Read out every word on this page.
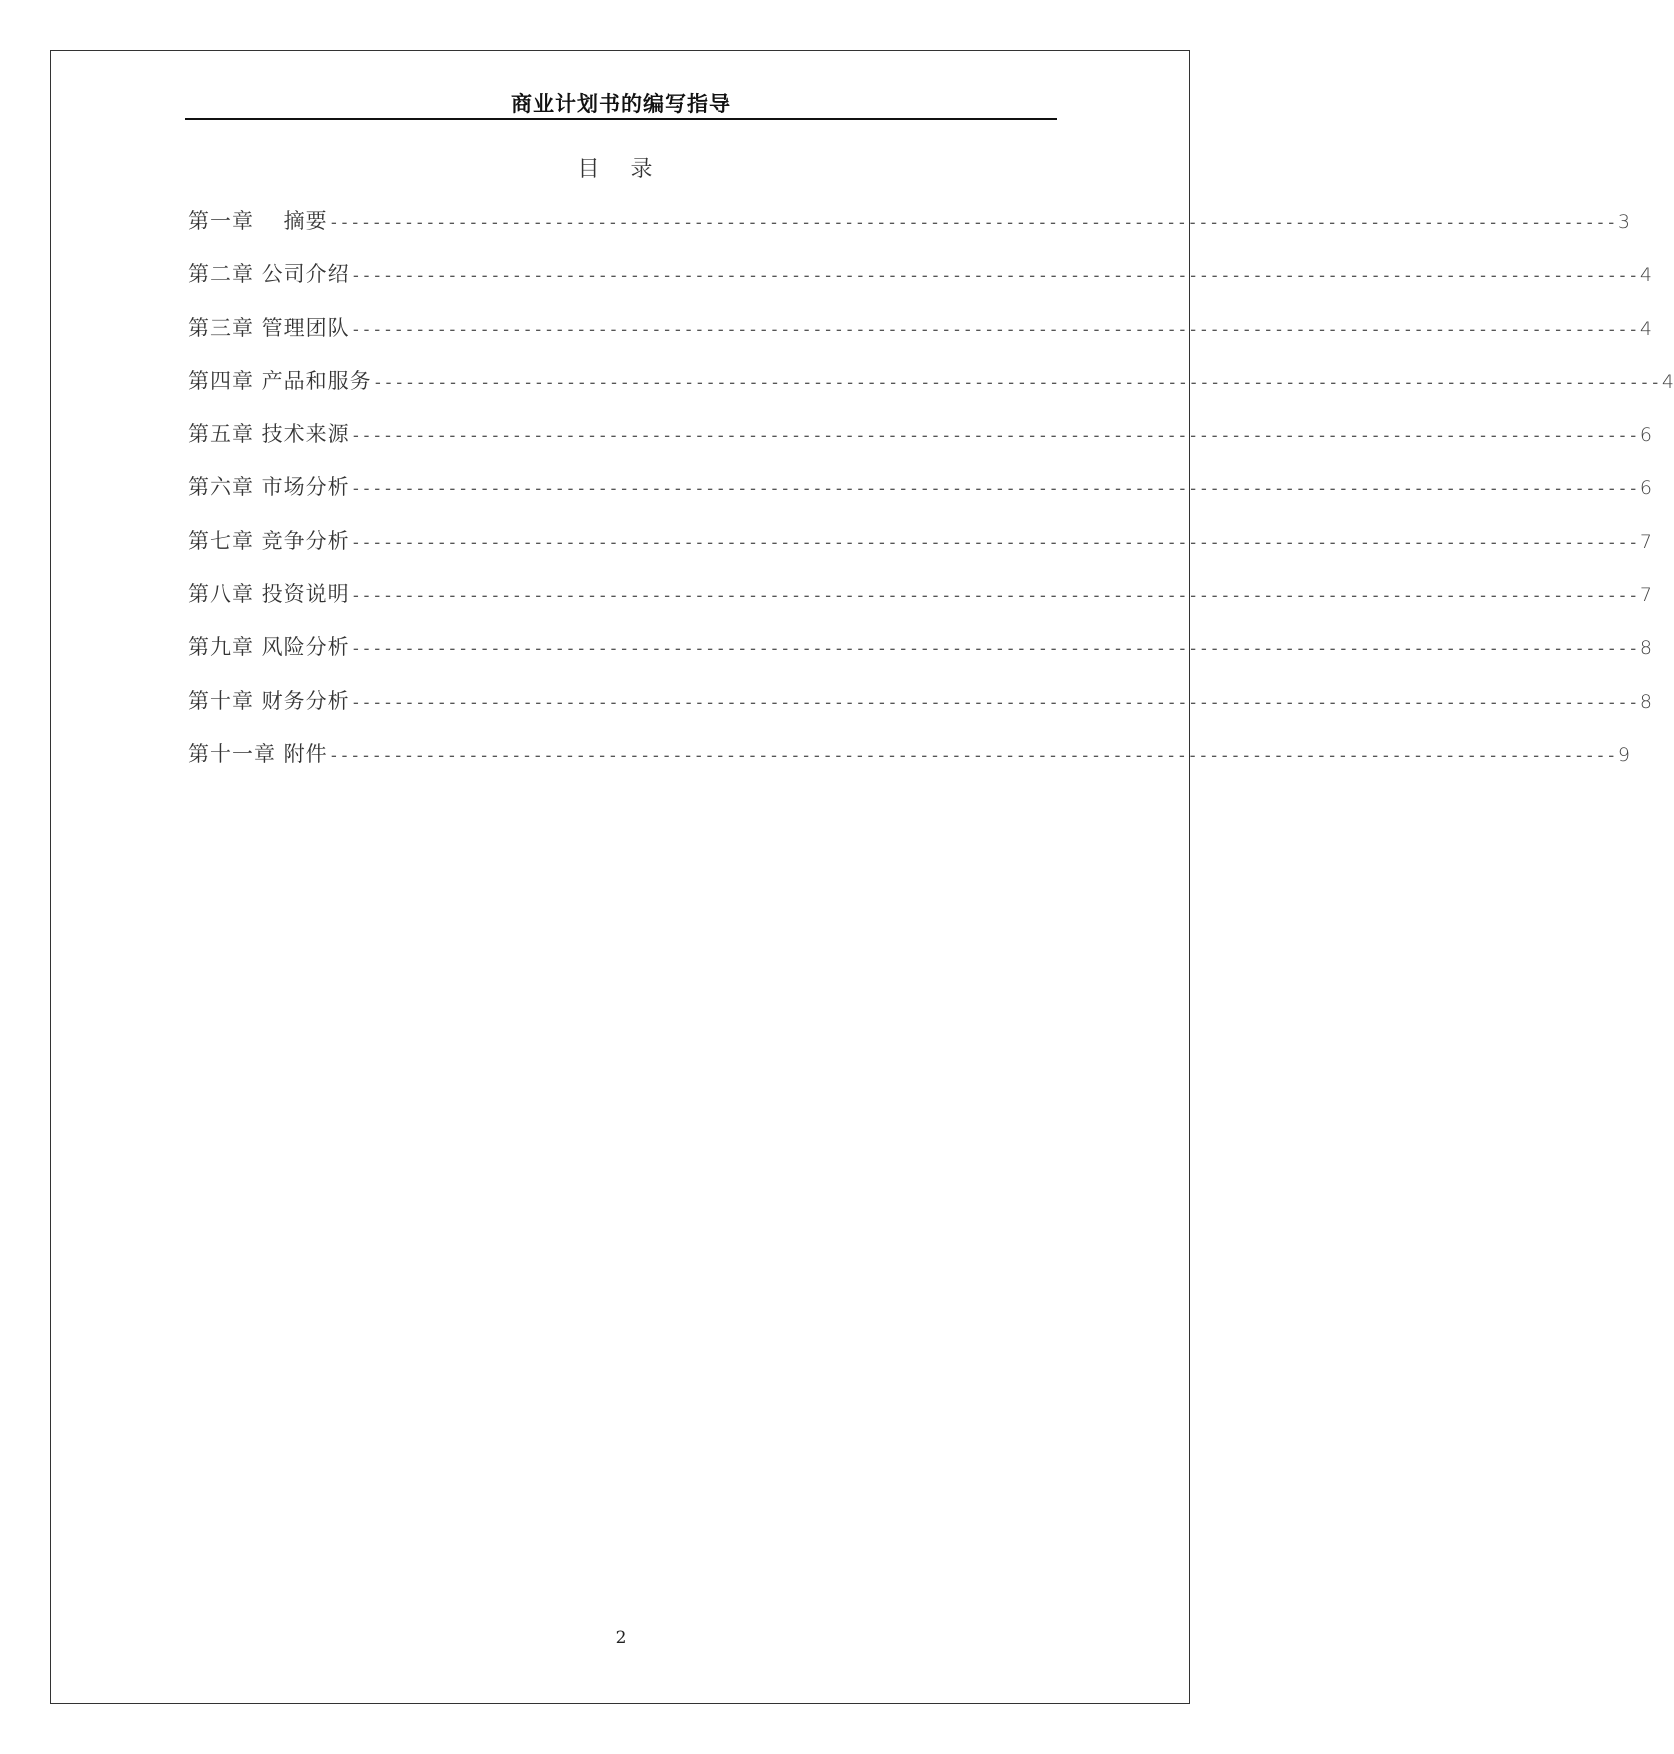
商业计划书的编写指导
目 录
第一章　 摘要 ------------------------------------------------------------------------------------------------------------------------ 3
第二章 公司介绍 ------------------------------------------------------------------------------------------------------------------------ 4
第三章 管理团队 ------------------------------------------------------------------------------------------------------------------------ 4
第四章 产品和服务 ------------------------------------------------------------------------------------------------------------------------ 4
第五章 技术来源 ------------------------------------------------------------------------------------------------------------------------ 6
第六章 市场分析 ------------------------------------------------------------------------------------------------------------------------ 6
第七章 竞争分析 ------------------------------------------------------------------------------------------------------------------------ 7
第八章 投资说明 ------------------------------------------------------------------------------------------------------------------------ 7
第九章 风险分析 ------------------------------------------------------------------------------------------------------------------------ 8
第十章 财务分析 ------------------------------------------------------------------------------------------------------------------------ 8
第十一章 附件 ------------------------------------------------------------------------------------------------------------------------ 9
2
